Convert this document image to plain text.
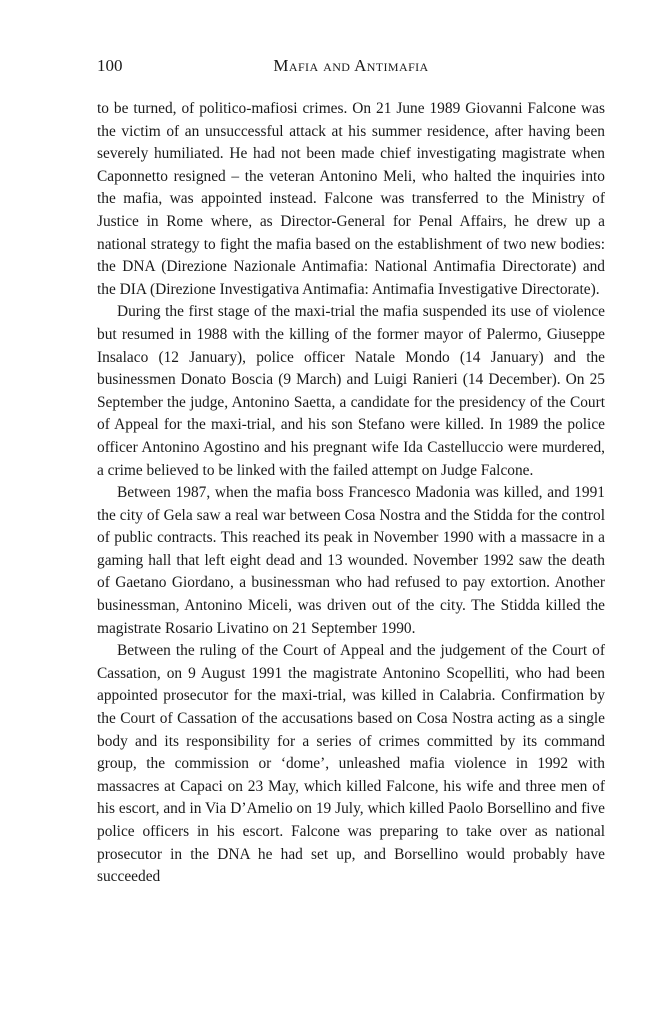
100	Mafia and Antimafia

to be turned, of politico-mafiosi crimes. On 21 June 1989 Giovanni Falcone was the victim of an unsuccessful attack at his summer residence, after having been severely humiliated. He had not been made chief investigating magistrate when Caponnetto resigned – the veteran Antonino Meli, who halted the inquiries into the mafia, was appointed instead. Falcone was transferred to the Ministry of Justice in Rome where, as Director-General for Penal Affairs, he drew up a national strategy to fight the mafia based on the establishment of two new bodies: the DNA (Direzione Nazionale Antimafia: National Antimafia Directorate) and the DIA (Direzione Investigativa Antimafia: Antimafia Investigative Directorate).

During the first stage of the maxi-trial the mafia suspended its use of violence but resumed in 1988 with the killing of the former mayor of Palermo, Giuseppe Insalaco (12 January), police officer Natale Mondo (14 January) and the businessmen Donato Boscia (9 March) and Luigi Ranieri (14 December). On 25 September the judge, Antonino Saetta, a candidate for the presidency of the Court of Appeal for the maxi-trial, and his son Stefano were killed. In 1989 the police officer Antonino Agostino and his pregnant wife Ida Castelluccio were murdered, a crime believed to be linked with the failed attempt on Judge Falcone.

Between 1987, when the mafia boss Francesco Madonia was killed, and 1991 the city of Gela saw a real war between Cosa Nostra and the Stidda for the control of public contracts. This reached its peak in November 1990 with a massacre in a gaming hall that left eight dead and 13 wounded. November 1992 saw the death of Gaetano Giordano, a businessman who had refused to pay extortion. Another businessman, Antonino Miceli, was driven out of the city. The Stidda killed the magistrate Rosario Livatino on 21 September 1990.

Between the ruling of the Court of Appeal and the judgement of the Court of Cassation, on 9 August 1991 the magistrate Antonino Scopelliti, who had been appointed prosecutor for the maxi-trial, was killed in Calabria. Confirmation by the Court of Cassation of the accusations based on Cosa Nostra acting as a single body and its responsibility for a series of crimes committed by its command group, the commission or ‘dome’, unleashed mafia violence in 1992 with massacres at Capaci on 23 May, which killed Falcone, his wife and three men of his escort, and in Via D’Amelio on 19 July, which killed Paolo Borsellino and five police officers in his escort. Falcone was preparing to take over as national prosecutor in the DNA he had set up, and Borsellino would probably have succeeded
